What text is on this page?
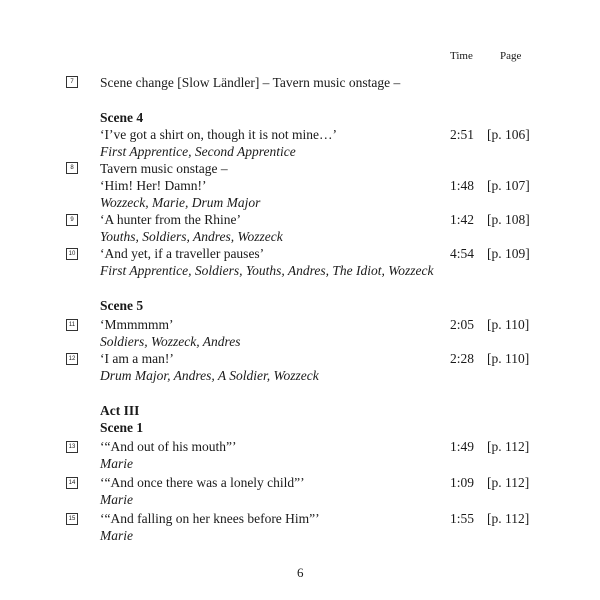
Time Page
7	Scene change [Slow Ländler] – Tavern music onstage –
Scene 4
‘I’ve got a shirt on, though it is not mine…’	2:51 [p. 106]
First Apprentice, Second Apprentice
8	Tavern music onstage –
‘Him! Her! Damn!’	1:48 [p. 107]
Wozzeck, Marie, Drum Major
9	‘A hunter from the Rhine’	1:42 [p. 108]
Youths, Soldiers, Andres, Wozzeck
10 ‘And yet, if a traveller pauses’	4:54 [p. 109]
First Apprentice, Soldiers, Youths, Andres, The Idiot, Wozzeck
Scene 5
11 ‘Mmmmmm’	2:05 [p. 110]
Soldiers, Wozzeck, Andres
12 ‘I am a man!’	2:28 [p. 110]
Drum Major, Andres, A Soldier, Wozzeck
Act III
Scene 1
13 ‘“And out of his mouth”’	1:49 [p. 112]
Marie
14 ‘“And once there was a lonely child”’	1:09 [p. 112]
Marie
15 ‘“And falling on her knees before Him”’	1:55 [p. 112]
Marie
6
